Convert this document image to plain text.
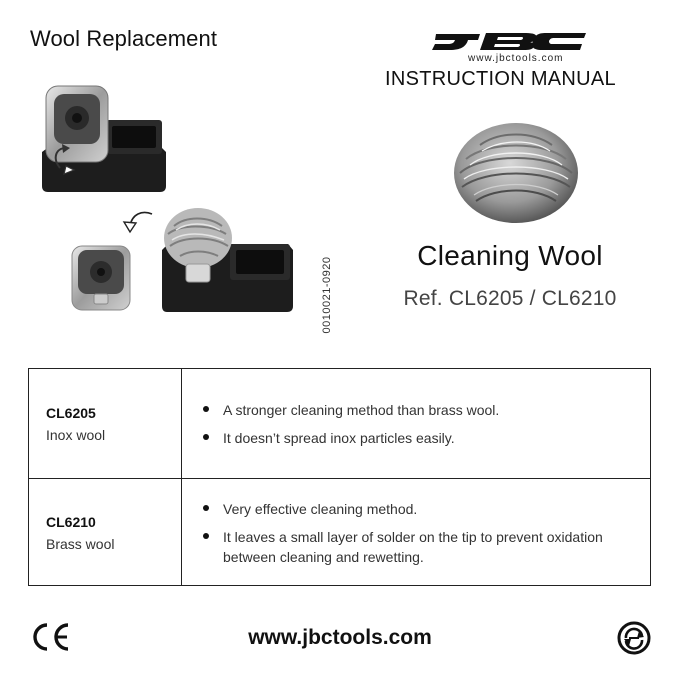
Wool Replacement
www.jbctools.com
INSTRUCTION MANUAL
0010021-0920
Cleaning Wool
Ref. CL6205 / CL6210
CL6205
Inox wool
A stronger cleaning method than brass wool.
It doesn’t spread inox particles easily.
CL6210
Brass wool
Very effective cleaning method.
It leaves a small layer of solder on the tip to prevent oxidation between cleaning and rewetting.
www.jbctools.com
